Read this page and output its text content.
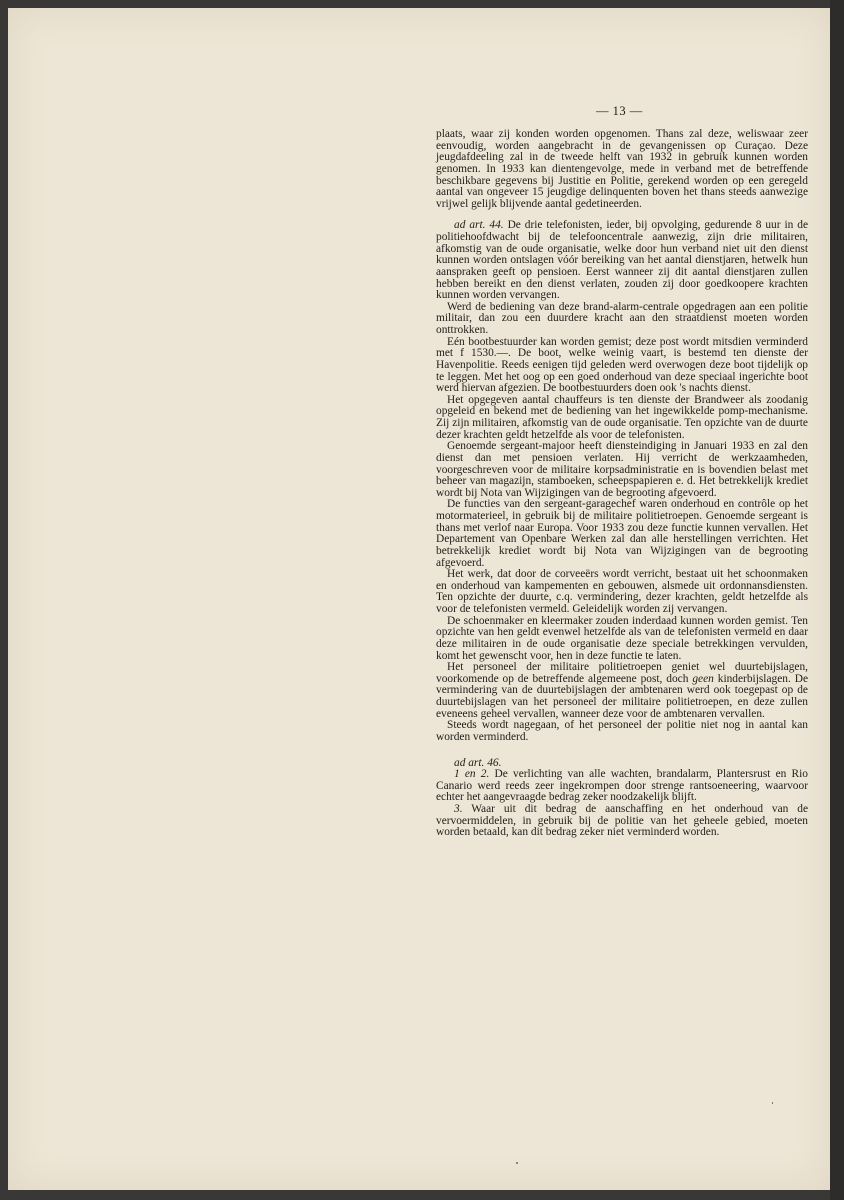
— 13 —

plaats, waar zij konden worden opgenomen. Thans zal deze, weliswaar zeer eenvoudig, worden aangebracht in de gevangenissen op Curaçao. Deze jeugdafdeeling zal in de tweede helft van 1932 in gebruik kunnen worden genomen. In 1933 kan dientengevolge, mede in verband met de betreffende beschikbare gegevens bij Justitie en Politie, gerekend worden op een geregeld aantal van ongeveer 15 jeugdige delinquenten boven het thans steeds aanwezige vrijwel gelijk blijvende aantal gedetineerden.

ad art. 44. De drie telefonisten, ieder, bij opvolging, gedurende 8 uur in de politiehoofdwacht bij de telefooncentrale aanwezig, zijn drie militairen, afkomstig van de oude organisatie, welke door hun verband niet uit den dienst kunnen worden ontslagen vóór bereiking van het aantal dienstjaren, hetwelk hun aanspraken geeft op pensioen. Eerst wanneer zij dit aantal dienstjaren zullen hebben bereikt en den dienst verlaten, zouden zij door goedkoopere krachten kunnen worden vervangen.

Werd de bediening van deze brand-alarm-centrale opgedragen aan een politie militair, dan zou een duurdere kracht aan den straatdienst moeten worden onttrokken.

Eén bootbestuurder kan worden gemist; deze post wordt mitsdien verminderd met f 1530.—. De boot, welke weinig vaart, is bestemd ten dienste der Havenpolitie. Reeds eenigen tijd geleden werd overwogen deze boot tijdelijk op te leggen. Met het oog op een goed onderhoud van deze speciaal ingerichte boot werd hiervan afgezien. De bootbestuurders doen ook 's nachts dienst.

Het opgegeven aantal chauffeurs is ten dienste der Brandweer als zoodanig opgeleid en bekend met de bediening van het ingewikkelde pomp-mechanisme. Zij zijn militairen, afkomstig van de oude organisatie. Ten opzichte van de duurte dezer krachten geldt hetzelfde als voor de telefonisten.

Genoemde sergeant-majoor heeft diensteindiging in Januari 1933 en zal den dienst dan met pensioen verlaten. Hij verricht de werkzaamheden, voorgeschreven voor de militaire korpsadministratie en is bovendien belast met beheer van magazijn, stamboeken, scheepspapieren e. d. Het betrekkelijk krediet wordt bij Nota van Wijzigingen van de begrooting afgevoerd.

De functies van den sergeant-garagechef waren onderhoud en contrôle op het motormaterieel, in gebruik bij de militaire politietroepen. Genoemde sergeant is thans met verlof naar Europa. Voor 1933 zou deze functie kunnen vervallen. Het Departement van Openbare Werken zal dan alle herstellingen verrichten. Het betrekkelijk krediet wordt bij Nota van Wijzigingen van de begrooting afgevoerd.

Het werk, dat door de corveeërs wordt verricht, bestaat uit het schoonmaken en onderhoud van kampementen en gebouwen, alsmede uit ordonnansdiensten. Ten opzichte der duurte, c.q. vermindering, dezer krachten, geldt hetzelfde als voor de telefonisten vermeld. Geleidelijk worden zij vervangen.

De schoenmaker en kleermaker zouden inderdaad kunnen worden gemist. Ten opzichte van hen geldt evenwel hetzelfde als van de telefonisten vermeld en daar deze militairen in de oude organisatie deze speciale betrekkingen vervulden, komt het gewenscht voor, hen in deze functie te laten.

Het personeel der militaire politietroepen geniet wel duurtebijslagen, voorkomende op de betreffende algemeene post, doch geen kinderbijslagen. De vermindering van de duurtebijslagen der ambtenaren werd ook toegepast op de duurtebijslagen van het personeel der militaire politietroepen, en deze zullen eveneens geheel vervallen, wanneer deze voor de ambtenaren vervallen.

Steeds wordt nagegaan, of het personeel der politie niet nog in aantal kan worden verminderd.

ad art. 46.

1 en 2. De verlichting van alle wachten, brandalarm, Plantersrust en Rio Canario werd reeds zeer ingekrompen door strenge rantsoeneering, waarvoor echter het aangevraagde bedrag zeker noodzakelijk blijft.

3. Waar uit dit bedrag de aanschaffing en het onderhoud van de vervoermiddelen, in gebruik bij de politie van het geheele gebied, moeten worden betaald, kan dit bedrag zeker niet verminderd worden.
